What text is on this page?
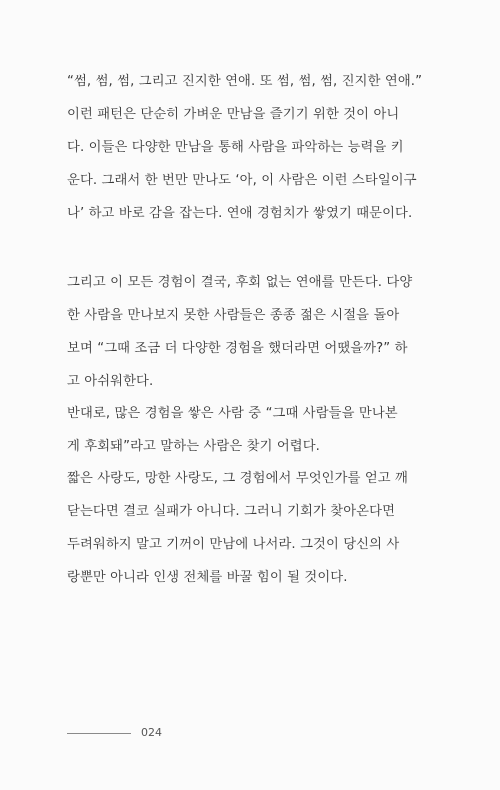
“썸, 썸, 썸, 그리고 진지한 연애. 또 썸, 썸, 썸, 진지한 연애.”
이런 패턴은 단순히 가벼운 만남을 즐기기 위한 것이 아니
다. 이들은 다양한 만남을 통해 사람을 파악하는 능력을 키
운다. 그래서 한 번만 만나도 ‘아, 이 사람은 이런 스타일이구
나’ 하고 바로 감을 잡는다. 연애 경험치가 쌓였기 때문이다.
그리고 이 모든 경험이 결국, 후회 없는 연애를 만든다. 다양
한 사람을 만나보지 못한 사람들은 종종 젊은 시절을 돌아
보며 “그때 조금 더 다양한 경험을 했더라면 어땠을까?” 하
고 아쉬워한다.
반대로, 많은 경험을 쌓은 사람 중 “그때 사람들을 만나본
게 후회돼”라고 말하는 사람은 찾기 어렵다.
짧은 사랑도, 망한 사랑도, 그 경험에서 무엇인가를 얻고 깨
닫는다면 결코 실패가 아니다. 그러니 기회가 찾아온다면
두려워하지 말고 기꺼이 만남에 나서라. 그것이 당신의 사
랑뿐만 아니라 인생 전체를 바꿀 힘이 될 것이다.
024
